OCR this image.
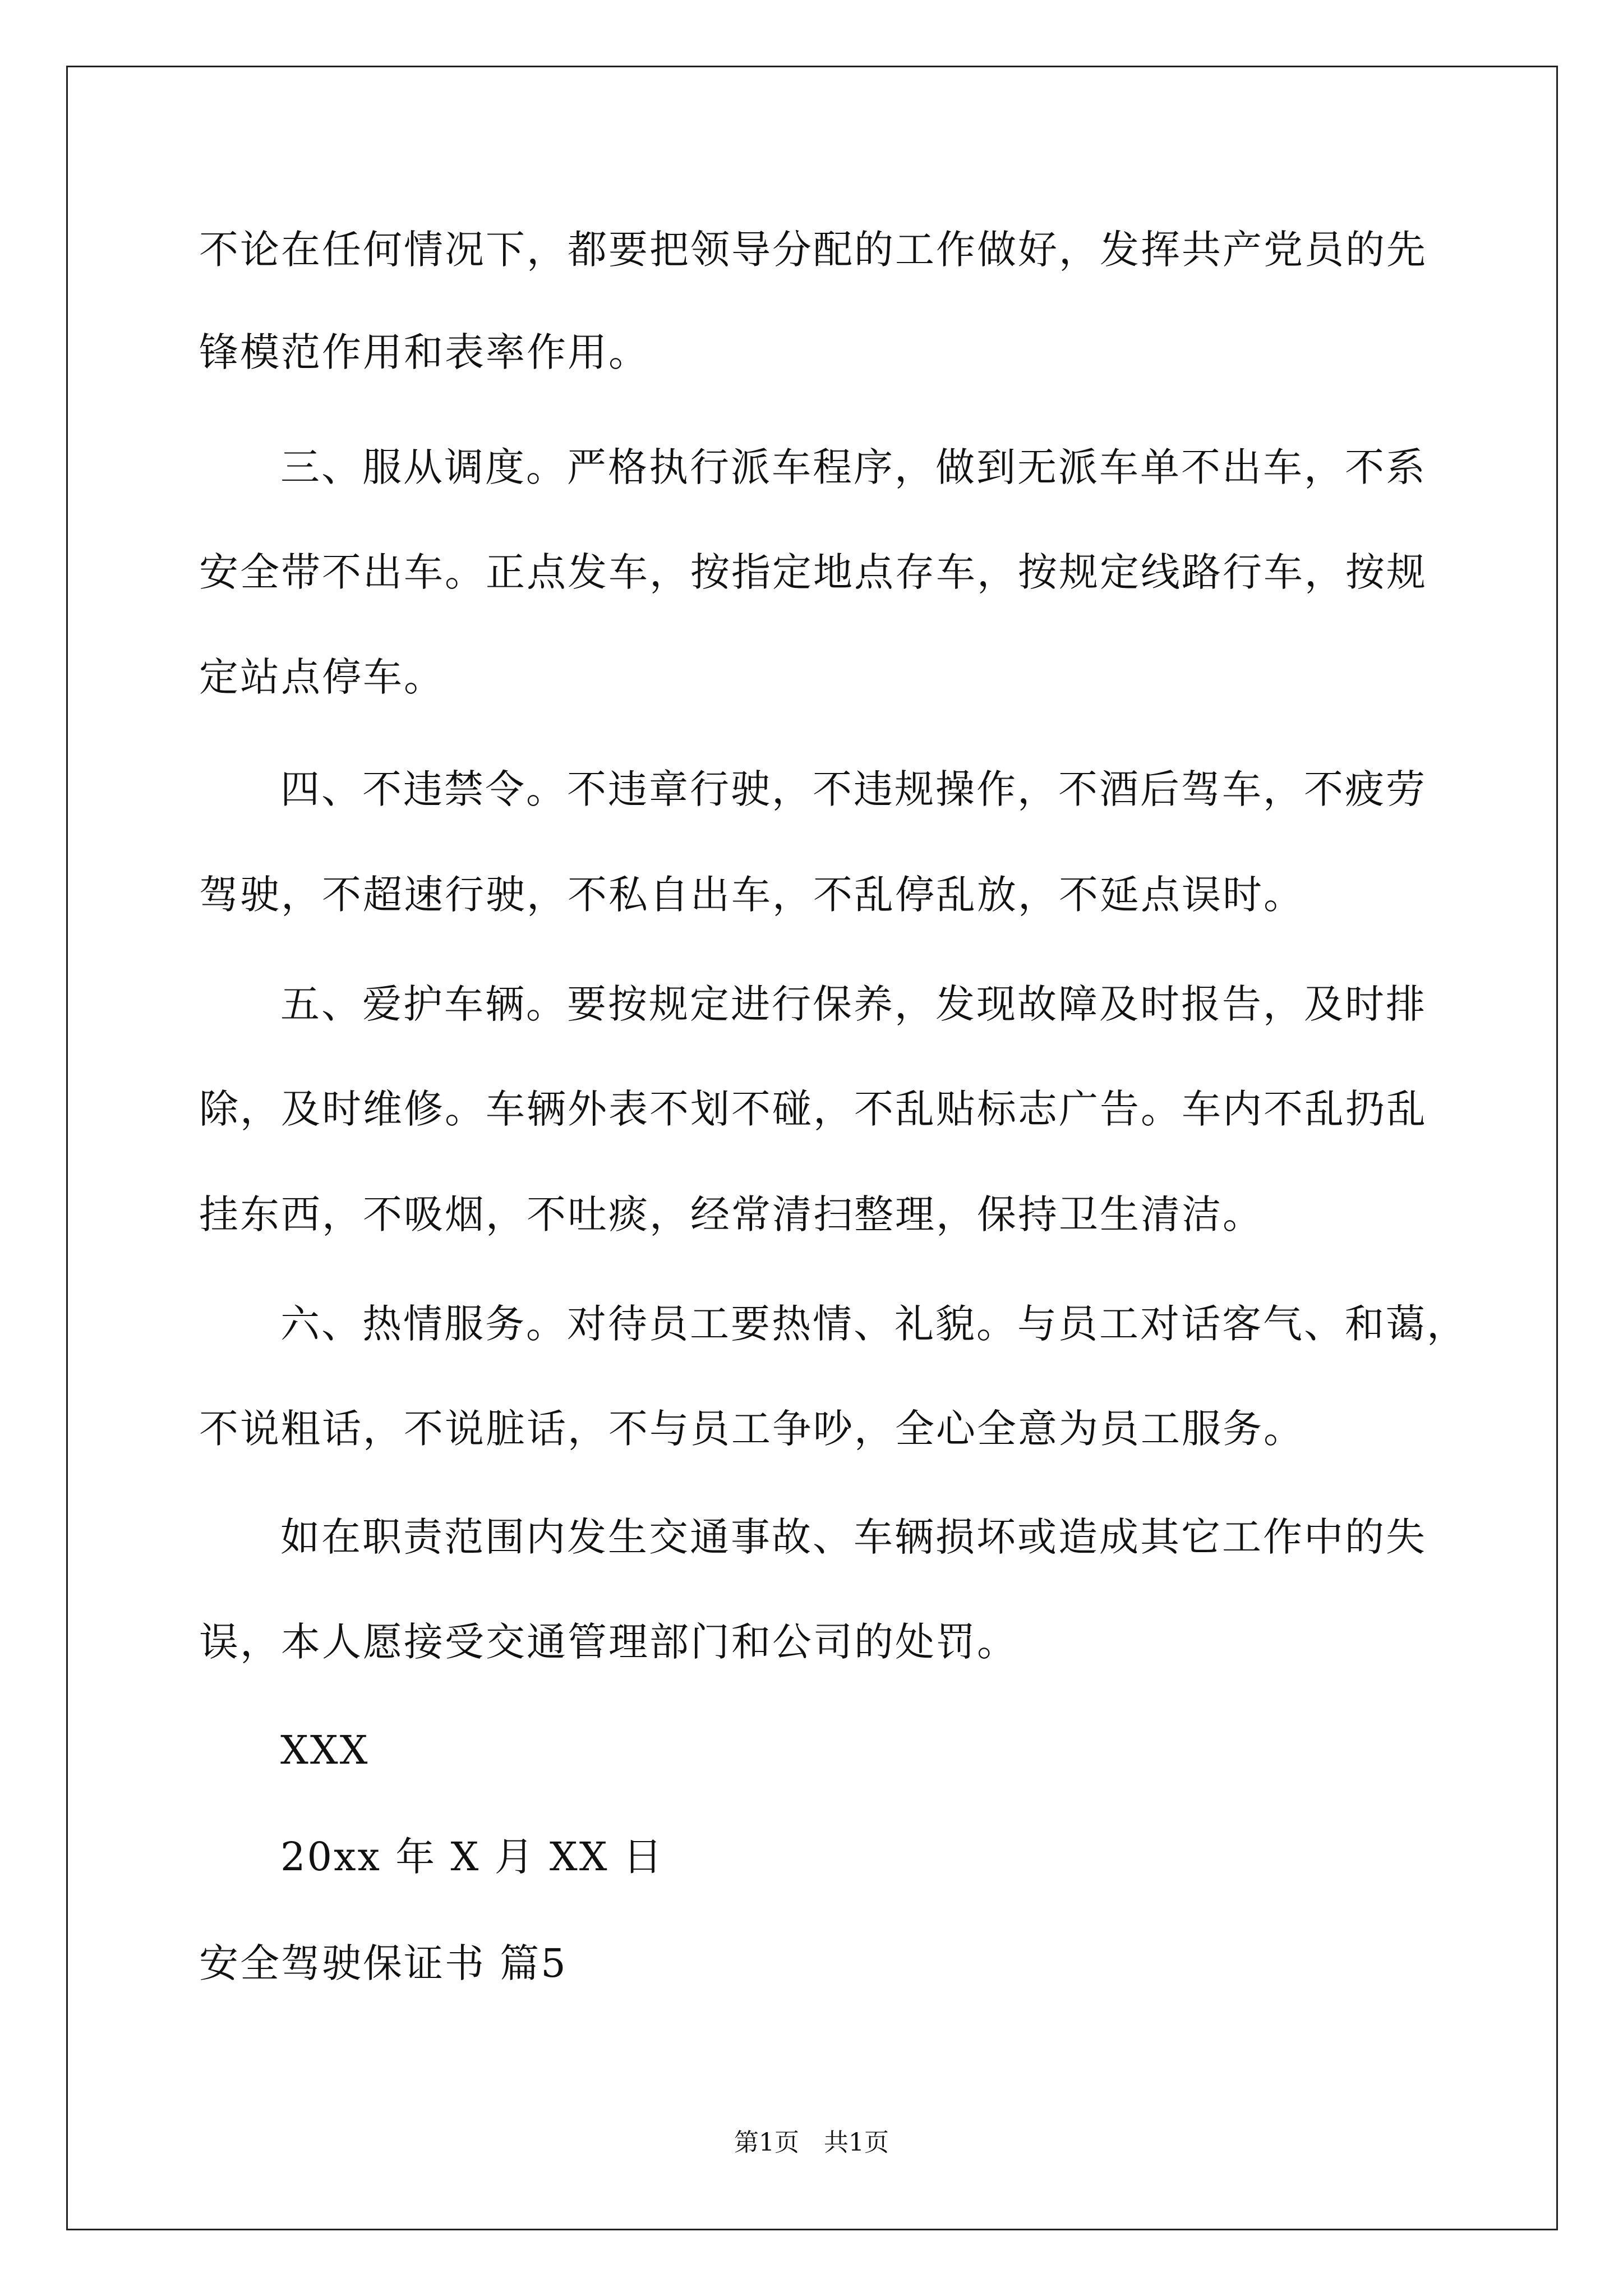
不论在任何情况下，都要把领导分配的工作做好，发挥共产党员的先
锋模范作用和表率作用。
三、服从调度。严格执行派车程序，做到无派车单不出车，不系
安全带不出车。正点发车，按指定地点存车，按规定线路行车，按规
定站点停车。
四、不违禁令。不违章行驶，不违规操作，不酒后驾车，不疲劳
驾驶，不超速行驶，不私自出车，不乱停乱放，不延点误时。
五、爱护车辆。要按规定进行保养，发现故障及时报告，及时排
除，及时维修。车辆外表不划不碰，不乱贴标志广告。车内不乱扔乱
挂东西，不吸烟，不吐痰，经常清扫整理，保持卫生清洁。
六、热情服务。对待员工要热情、礼貌。与员工对话客气、和蔼，
不说粗话，不说脏话，不与员工争吵，全心全意为员工服务。
如在职责范围内发生交通事故、车辆损坏或造成其它工作中的失
误，本人愿接受交通管理部门和公司的处罚。
XXX
20xx 年 X 月 XX 日
安全驾驶保证书 篇5
第1页　共1页
